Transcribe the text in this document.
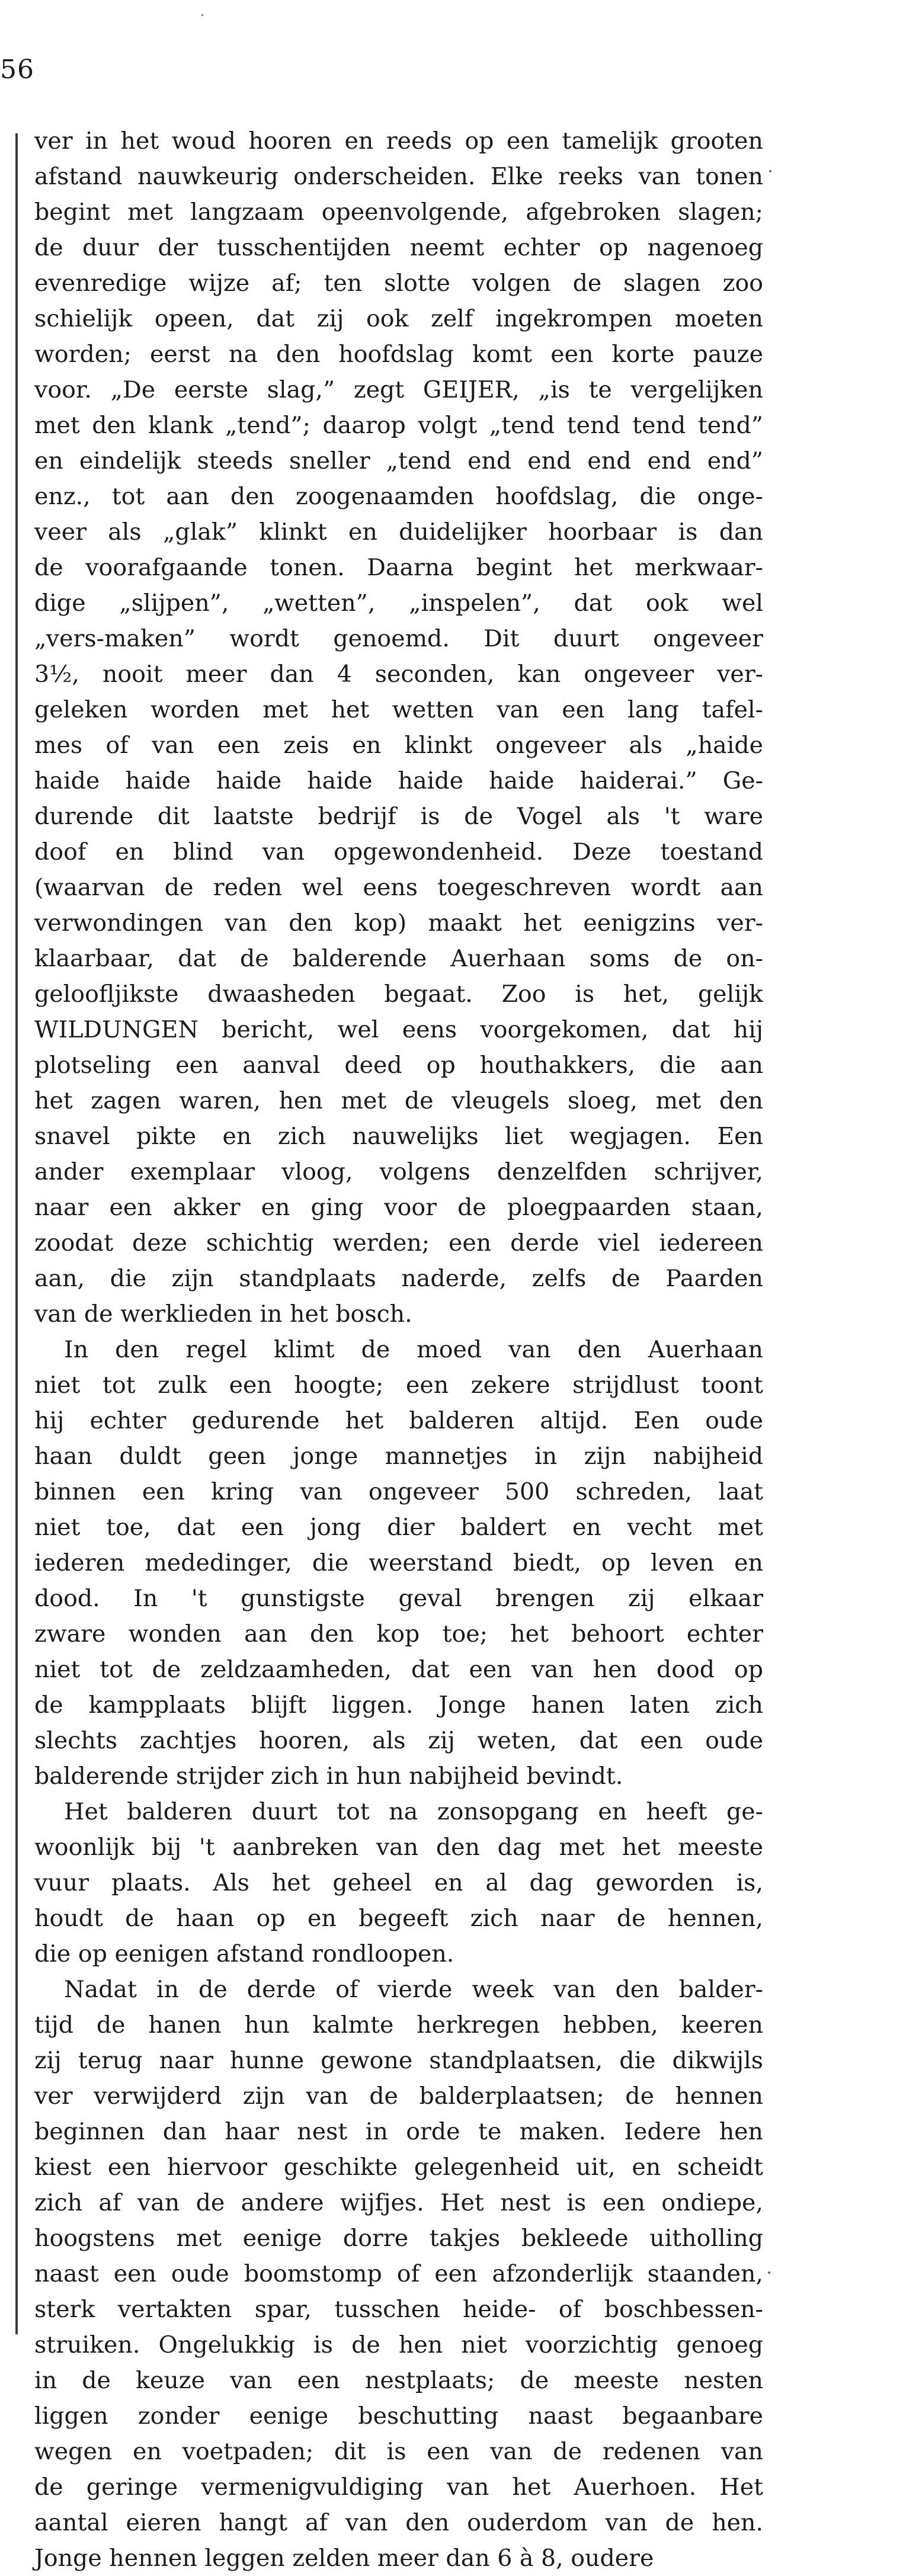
56
ver in het woud hooren en reeds op een tamelijk grooten
afstand nauwkeurig onderscheiden. Elke reeks van tonen
begint met langzaam opeenvolgende, afgebroken slagen;
de duur der tusschentijden neemt echter op nagenoeg
evenredige wijze af; ten slotte volgen de slagen zoo
schielijk opeen, dat zij ook zelf ingekrompen moeten
worden; eerst na den hoofdslag komt een korte pauze
voor. „De eerste slag,” zegt GEIJER, „is te vergelijken
met den klank „tend”; daarop volgt „tend tend tend tend”
en eindelijk steeds sneller „tend end end end end end”
enz., tot aan den zoogenaamden hoofdslag, die onge-
veer als „glak” klinkt en duidelijker hoorbaar is dan
de voorafgaande tonen. Daarna begint het merkwaar-
dige „slijpen”, „wetten”, „inspelen”, dat ook wel
„vers-maken” wordt genoemd. Dit duurt ongeveer
3½, nooit meer dan 4 seconden, kan ongeveer ver-
geleken worden met het wetten van een lang tafel-
mes of van een zeis en klinkt ongeveer als „haide
haide haide haide haide haide haide haiderai.” Ge-
durende dit laatste bedrijf is de Vogel als 't ware
doof en blind van opgewondenheid. Deze toestand
(waarvan de reden wel eens toegeschreven wordt aan
verwondingen van den kop) maakt het eenigzins ver-
klaarbaar, dat de balderende Auerhaan soms de on-
geloofljikste dwaasheden begaat. Zoo is het, gelijk
WILDUNGEN bericht, wel eens voorgekomen, dat hij
plotseling een aanval deed op houthakkers, die aan
het zagen waren, hen met de vleugels sloeg, met den
snavel pikte en zich nauwelijks liet wegjagen. Een
ander exemplaar vloog, volgens denzelfden schrijver,
naar een akker en ging voor de ploegpaarden staan,
zoodat deze schichtig werden; een derde viel iedereen
aan, die zijn standplaats naderde, zelfs de Paarden
van de werklieden in het bosch.
In den regel klimt de moed van den Auerhaan
niet tot zulk een hoogte; een zekere strijdlust toont
hij echter gedurende het balderen altijd. Een oude
haan duldt geen jonge mannetjes in zijn nabijheid
binnen een kring van ongeveer 500 schreden, laat
niet toe, dat een jong dier baldert en vecht met
iederen mededinger, die weerstand biedt, op leven en
dood. In 't gunstigste geval brengen zij elkaar
zware wonden aan den kop toe; het behoort echter
niet tot de zeldzaamheden, dat een van hen dood op
de kampplaats blijft liggen. Jonge hanen laten zich
slechts zachtjes hooren, als zij weten, dat een oude
balderende strijder zich in hun nabijheid bevindt.
Het balderen duurt tot na zonsopgang en heeft ge-
woonlijk bij 't aanbreken van den dag met het meeste
vuur plaats. Als het geheel en al dag geworden is,
houdt de haan op en begeeft zich naar de hennen,
die op eenigen afstand rondloopen.
Nadat in de derde of vierde week van den balder-
tijd de hanen hun kalmte herkregen hebben, keeren
zij terug naar hunne gewone standplaatsen, die dikwijls
ver verwijderd zijn van de balderplaatsen; de hennen
beginnen dan haar nest in orde te maken. Iedere hen
kiest een hiervoor geschikte gelegenheid uit, en scheidt
zich af van de andere wijfjes. Het nest is een ondiepe,
hoogstens met eenige dorre takjes bekleede uitholling
naast een oude boomstomp of een afzonderlijk staanden,
sterk vertakten spar, tusschen heide- of boschbessen-
struiken. Ongelukkig is de hen niet voorzichtig genoeg
in de keuze van een nestplaats; de meeste nesten
liggen zonder eenige beschutting naast begaanbare
wegen en voetpaden; dit is een van de redenen van
de geringe vermenigvuldiging van het Auerhoen. Het
aantal eieren hangt af van den ouderdom van de hen.
Jonge hennen leggen zelden meer dan 6 à 8, oudere
